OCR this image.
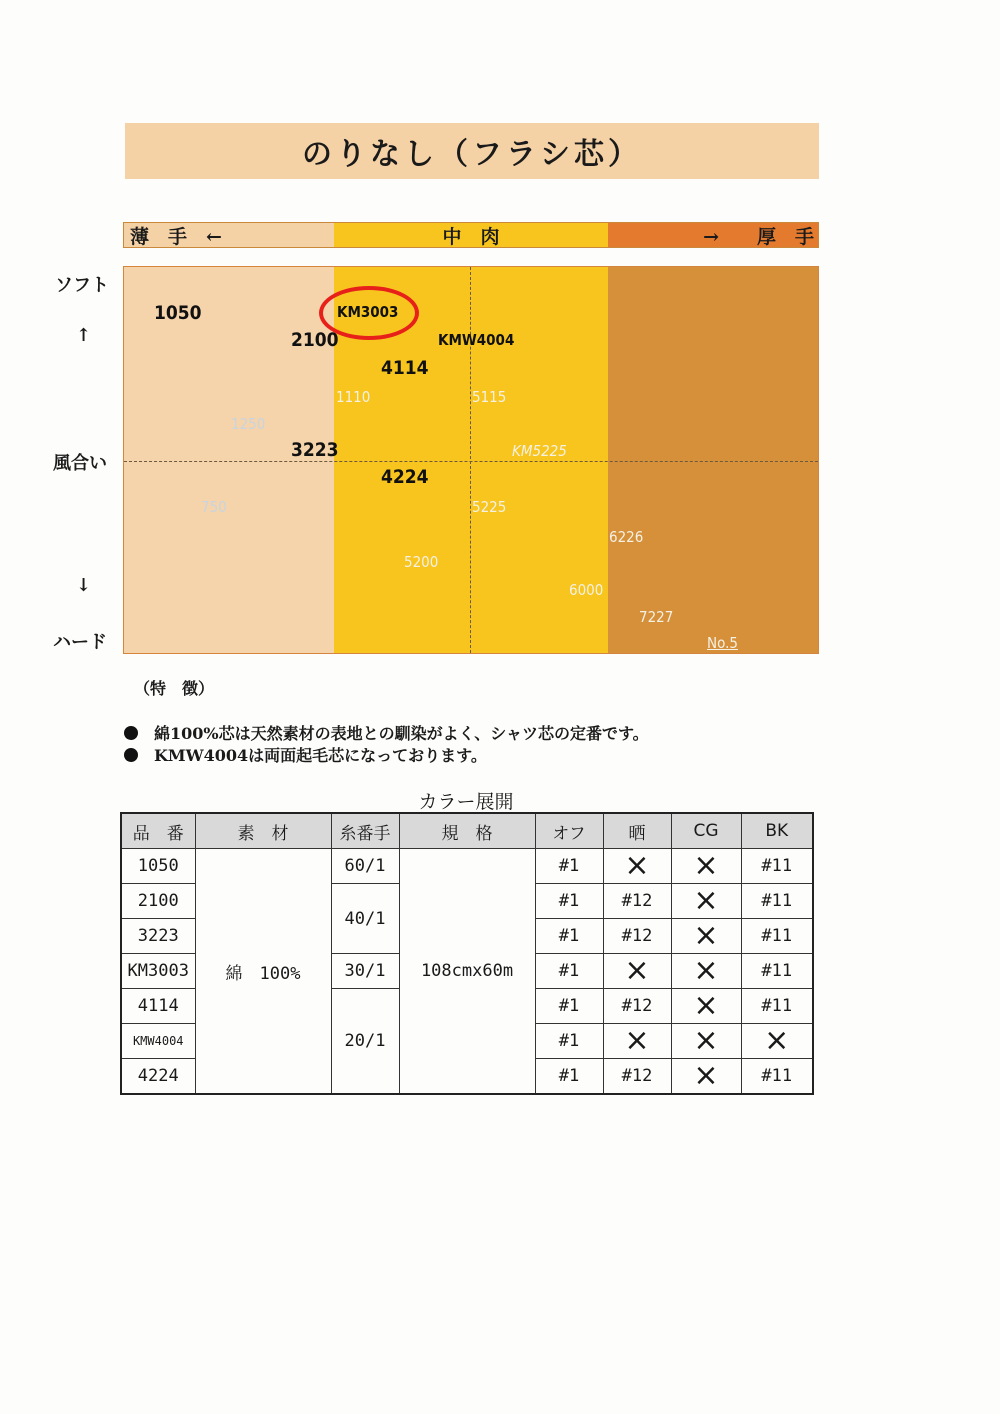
のりなし（フラシ芯）
薄　手　←	中　肉	→　　厚　手
ソフト
↑
風合い
↓
ハード
1050	KM3003
2100	KMW4004
4114
1110	5115
1250
3223	KM5225
4224
750	5225
6226
5200
6000
7227
No.5
（特　徴）
綿100%芯は天然素材の表地との馴染がよく、シャツ芯の定番です。
KMW4004は両面起毛芯になっております。
カラー展開
品　番	素　材	糸番手	規　格	オフ	晒	CG	BK
1050	綿　100%	60/1	108cmx60m	#1	×	×	#11
2100		40/1		#1	#12	×	#11
3223				#1	#12	×	#11
KM3003		30/1		#1	×	×	#11
4114		20/1		#1	#12	×	#11
KMW4004				#1	×	×	×
4224				#1	#12	×	#11
